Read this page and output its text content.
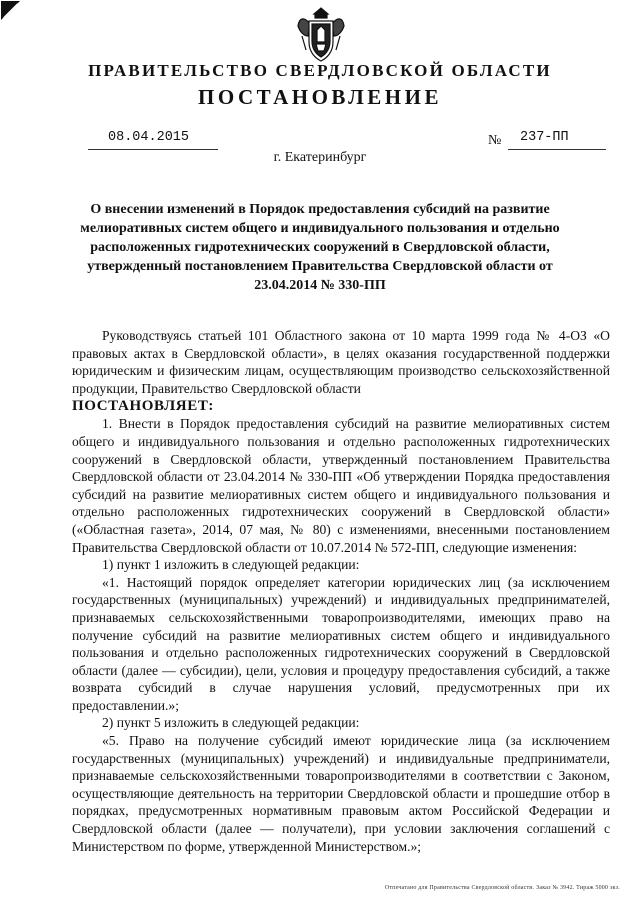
ПРАВИТЕЛЬСТВО СВЕРДЛОВСКОЙ ОБЛАСТИ
ПОСТАНОВЛЕНИЕ
08.04.2015	№ 237-ПП
г. Екатеринбург
О внесении изменений в Порядок предоставления субсидий на развитие мелиоративных систем общего и индивидуального пользования и отдельно расположенных гидротехнических сооружений в Свердловской области, утвержденный постановлением Правительства Свердловской области от 23.04.2014 № 330-ПП

Руководствуясь статьей 101 Областного закона от 10 марта 1999 года № 4-ОЗ «О правовых актах в Свердловской области», в целях оказания государственной поддержки юридическим и физическим лицам, осуществляющим производство сельскохозяйственной продукции, Правительство Свердловской области

ПОСТАНОВЛЯЕТ:

1. Внести в Порядок предоставления субсидий на развитие мелиоративных систем общего и индивидуального пользования и отдельно расположенных гидротехнических сооружений в Свердловской области, утвержденный постановлением Правительства Свердловской области от 23.04.2014 № 330-ПП «Об утверждении Порядка предоставления субсидий на развитие мелиоративных систем общего и индивидуального пользования и отдельно расположенных гидротехнических сооружений в Свердловской области» («Областная газета», 2014, 07 мая, № 80) с изменениями, внесенными постановлением Правительства Свердловской области от 10.07.2014 № 572-ПП, следующие изменения:

1) пункт 1 изложить в следующей редакции:

«1. Настоящий порядок определяет категории юридических лиц (за исключением государственных (муниципальных) учреждений) и индивидуальных предпринимателей, признаваемых сельскохозяйственными товаропроизводителями, имеющих право на получение субсидий на развитие мелиоративных систем общего и индивидуального пользования и отдельно расположенных гидротехнических сооружений в Свердловской области (далее — субсидии), цели, условия и процедуру предоставления субсидий, а также возврата субсидий в случае нарушения условий, предусмотренных при их предоставлении.»;

2) пункт 5 изложить в следующей редакции:

«5. Право на получение субсидий имеют юридические лица (за исключением государственных (муниципальных) учреждений) и индивидуальные предприниматели, признаваемые сельскохозяйственными товаропроизводителями в соответствии с Законом, осуществляющие деятельность на территории Свердловской области и прошедшие отбор в порядках, предусмотренных нормативным правовым актом Российской Федерации и Свердловской области (далее — получатели), при условии заключения соглашений с Министерством по форме, утвержденной Министерством.»;

Отпечатано для Правительства Свердловской области. Заказ № 3942. Тираж 5000 экз.
